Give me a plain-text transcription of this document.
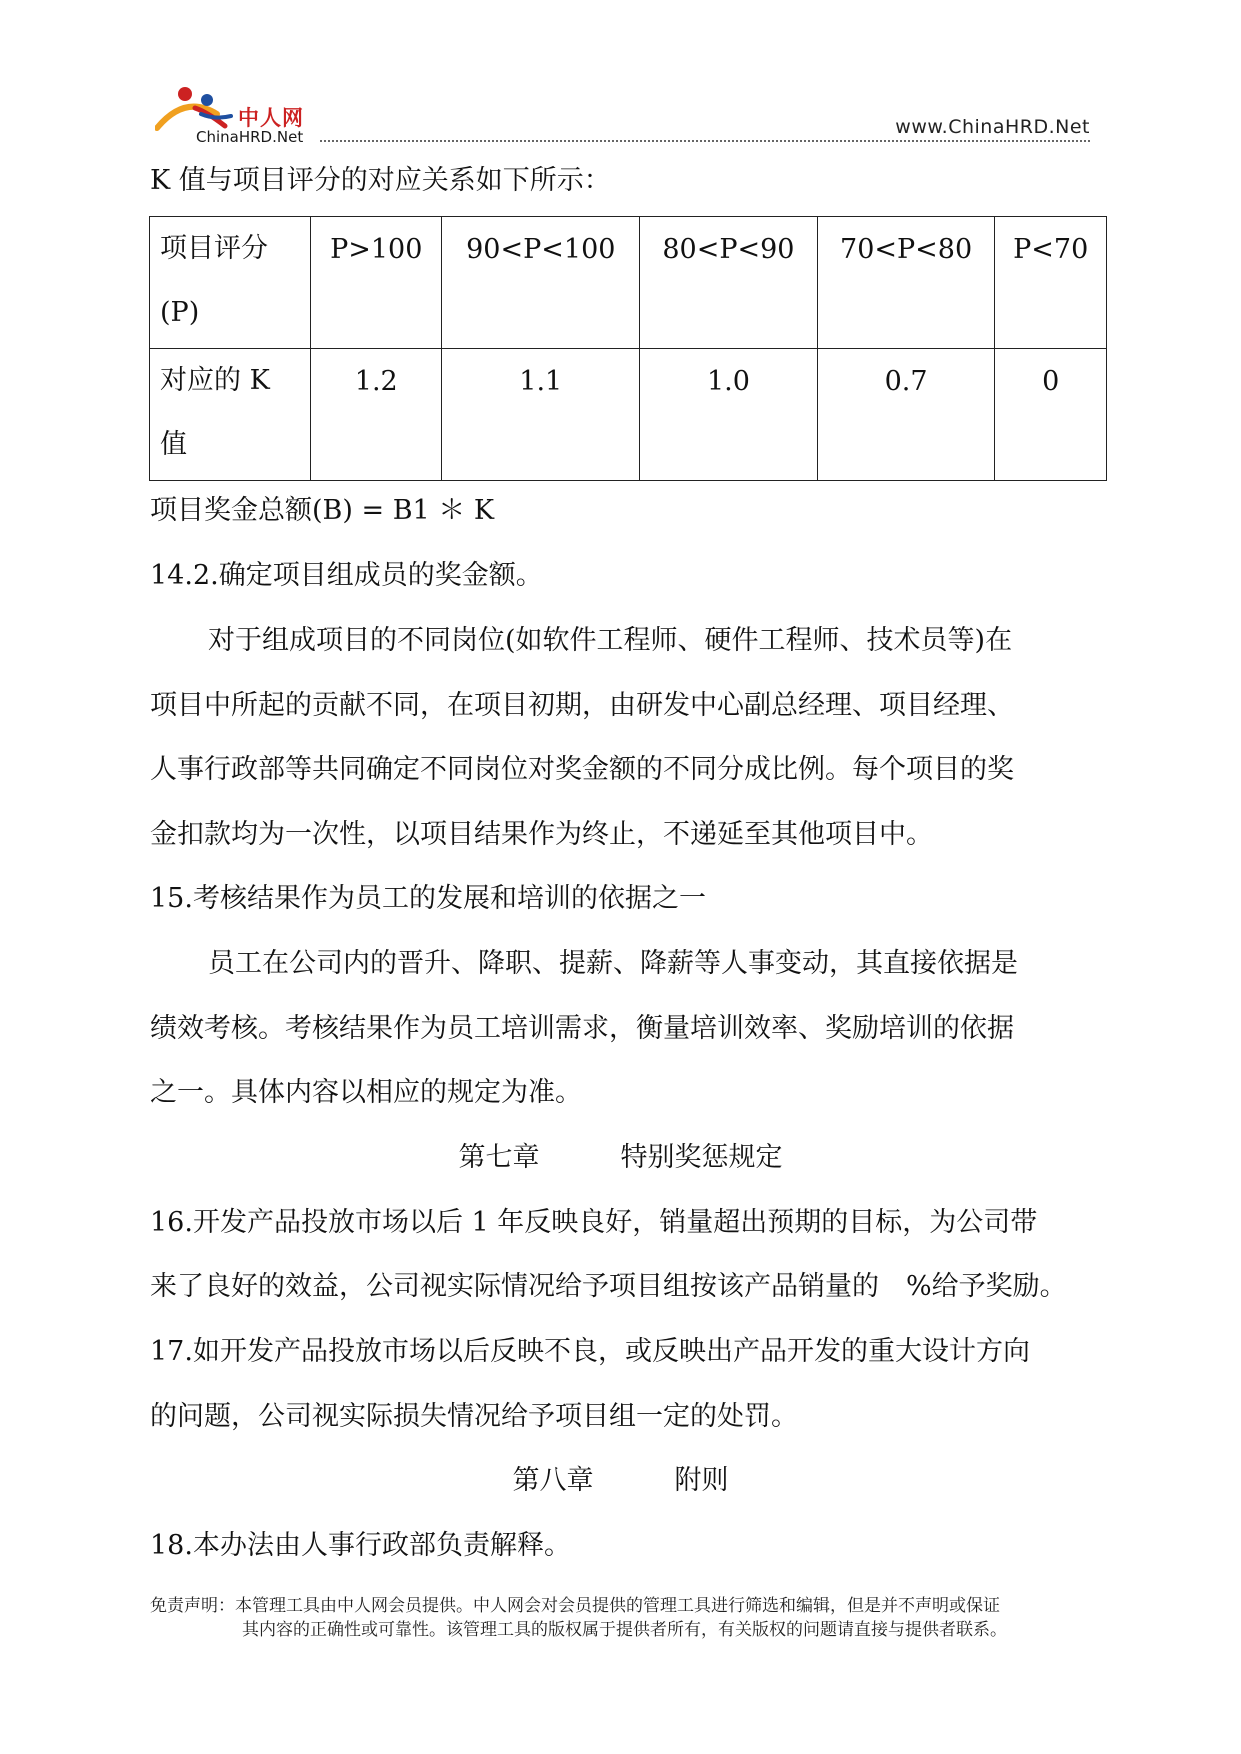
中人网
ChinaHRD.Net	www.ChinaHRD.Net
K 值与项目评分的对应关系如下所示：
项目评分(P)	P>100	90<P<100	80<P<90	70<P<80	P<70
对应的 K 值	1.2	1.1	1.0	0.7	0
项目奖金总额(B) = B1 ＊ K
14.2.确定项目组成员的奖金额。
对于组成项目的不同岗位(如软件工程师、硬件工程师、技术员等)在
项目中所起的贡献不同，在项目初期，由研发中心副总经理、项目经理、
人事行政部等共同确定不同岗位对奖金额的不同分成比例。每个项目的奖
金扣款均为一次性，以项目结果作为终止，不递延至其他项目中。
15.考核结果作为员工的发展和培训的依据之一
员工在公司内的晋升、降职、提薪、降薪等人事变动，其直接依据是
绩效考核。考核结果作为员工培训需求，衡量培训效率、奖励培训的依据
之一。具体内容以相应的规定为准。
第七章　　　特别奖惩规定
16.开发产品投放市场以后 1 年反映良好，销量超出预期的目标，为公司带
来了良好的效益，公司视实际情况给予项目组按该产品销量的　%给予奖励。
17.如开发产品投放市场以后反映不良，或反映出产品开发的重大设计方向
的问题，公司视实际损失情况给予项目组一定的处罚。
第八章　　　附则
18.本办法由人事行政部负责解释。
免责声明：本管理工具由中人网会员提供。中人网会对会员提供的管理工具进行筛选和编辑，但是并不声明或保证
其内容的正确性或可靠性。该管理工具的版权属于提供者所有，有关版权的问题请直接与提供者联系。
